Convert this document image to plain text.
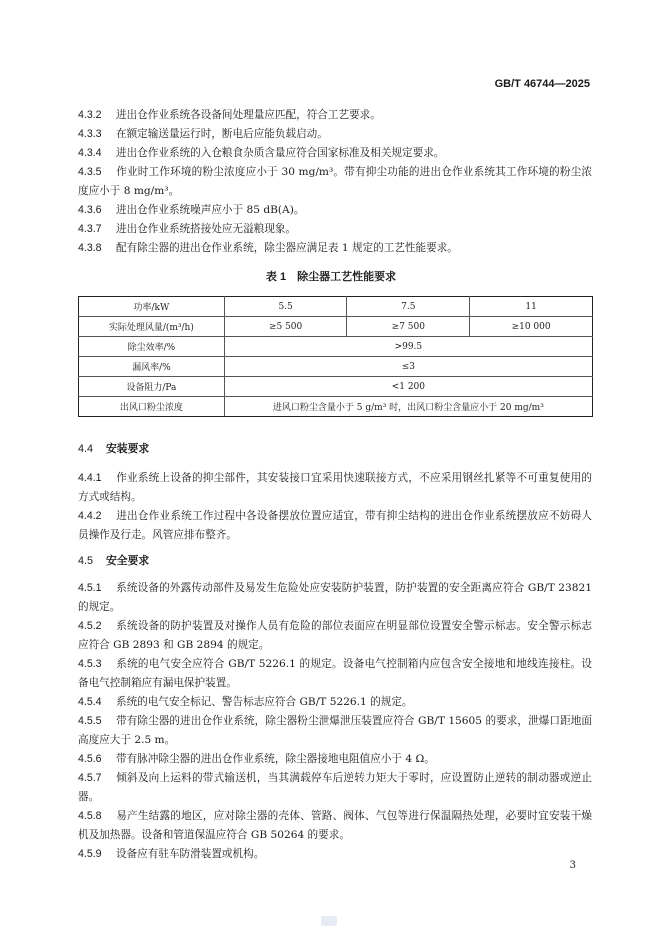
GB/T 46744—2025
4.3.2 进出仓作业系统各设备间处理量应匹配，符合工艺要求。
4.3.3 在额定输送量运行时，断电后应能负载启动。
4.3.4 进出仓作业系统的入仓粮食杂质含量应符合国家标准及相关规定要求。
4.3.5 作业时工作环境的粉尘浓度应小于 30 mg/m³。带有抑尘功能的进出仓作业系统其工作环境的粉尘浓度应小于 8 mg/m³。
4.3.6 进出仓作业系统噪声应小于 85 dB(A)。
4.3.7 进出仓作业系统搭接处应无溢粮现象。
4.3.8 配有除尘器的进出仓作业系统，除尘器应满足表 1 规定的工艺性能要求。
表 1　除尘器工艺性能要求
功率/kW	5.5	7.5	11
实际处理风量/(m³/h)	≥5 500	≥7 500	≥10 000
除尘效率/%	>99.5		
漏风率/%	≤3		
设备阻力/Pa	<1 200		
出风口粉尘浓度	进风口粉尘含量小于 5 g/m³ 时，出风口粉尘含量应小于 20 mg/m³		
4.4 安装要求
4.4.1 作业系统上设备的抑尘部件，其安装接口宜采用快速联接方式，不应采用钢丝扎紧等不可重复使用的方式或结构。
4.4.2 进出仓作业系统工作过程中各设备摆放位置应适宜，带有抑尘结构的进出仓作业系统摆放应不妨碍人员操作及行走。风管应排布整齐。
4.5 安全要求
4.5.1 系统设备的外露传动部件及易发生危险处应安装防护装置，防护装置的安全距离应符合 GB/T 23821 的规定。
4.5.2 系统设备的防护装置及对操作人员有危险的部位表面应在明显部位设置安全警示标志。安全警示标志应符合 GB 2893 和 GB 2894 的规定。
4.5.3 系统的电气安全应符合 GB/T 5226.1 的规定。设备电气控制箱内应包含安全接地和地线连接柱。设备电气控制箱应有漏电保护装置。
4.5.4 系统的电气安全标记、警告标志应符合 GB/T 5226.1 的规定。
4.5.5 带有除尘器的进出仓作业系统，除尘器粉尘泄爆泄压装置应符合 GB/T 15605 的要求，泄爆口距地面高度应大于 2.5 m。
4.5.6 带有脉冲除尘器的进出仓作业系统，除尘器接地电阻值应小于 4 Ω。
4.5.7 倾斜及向上运料的带式输送机，当其满载停车后逆转力矩大于零时，应设置防止逆转的制动器或逆止器。
4.5.8 易产生结露的地区，应对除尘器的壳体、管路、阀体、气包等进行保温隔热处理，必要时宜安装干燥机及加热器。设备和管道保温应符合 GB 50264 的要求。
4.5.9 设备应有驻车防滑装置或机构。
3
